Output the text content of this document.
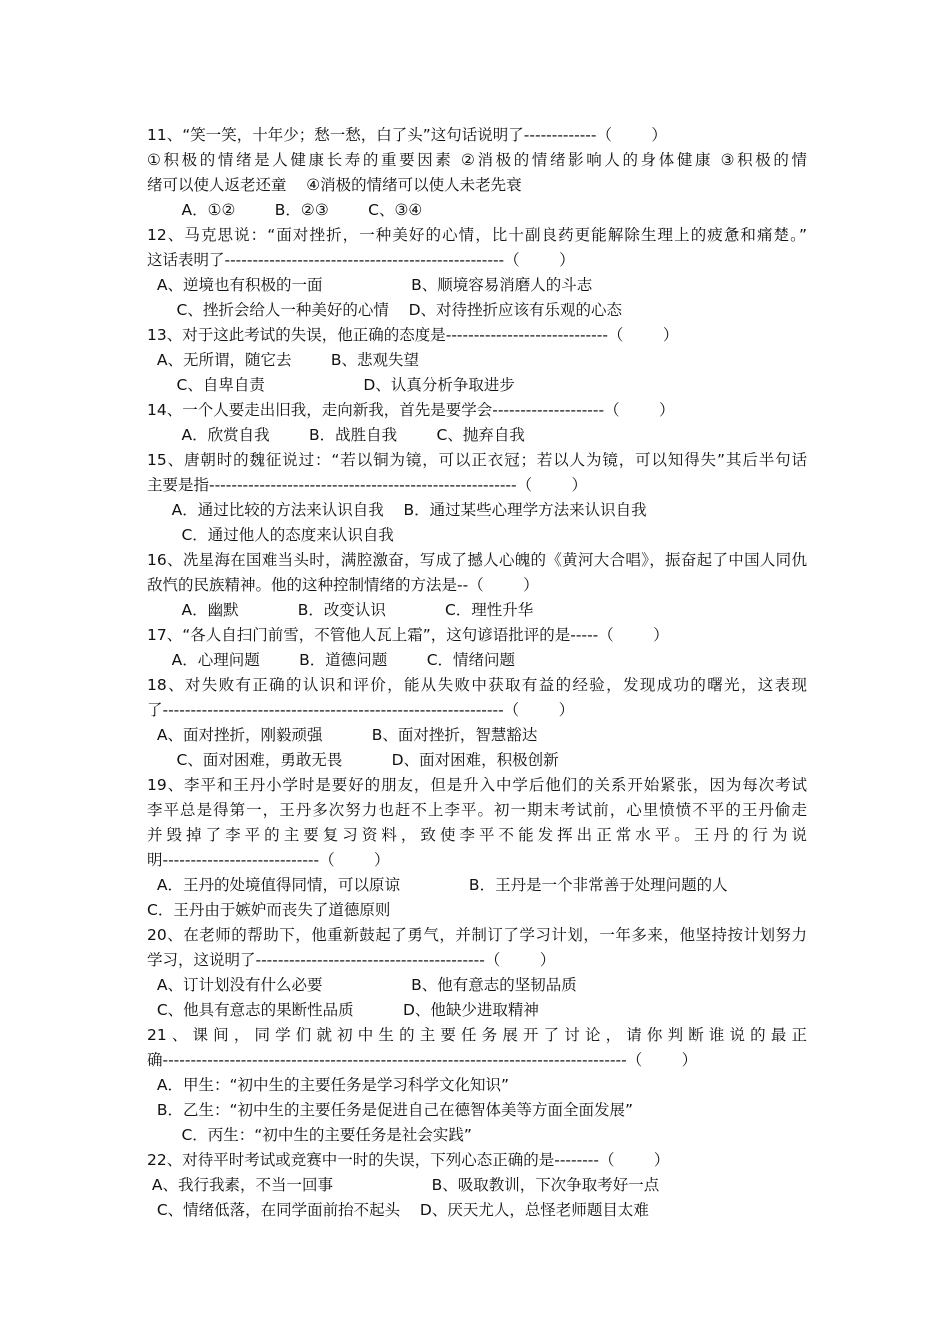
11、“笑一笑，十年少；愁一愁，白了头”这句话说明了-------------（        ）
①积极的情绪是人健康长寿的重要因素 ②消极的情绪影响人的身体健康 ③积极的情
绪可以使人返老还童    ④消极的情绪可以使人未老先衰
A．①②        B．②③        C、③④
12、马克思说：“面对挫折，一种美好的心情，比十副良药更能解除生理上的疲惫和痛楚。”
这话表明了--------------------------------------------------（        ）
A、逆境也有积极的一面                  B、顺境容易消磨人的斗志
C、挫折会给人一种美好的心情    D、对待挫折应该有乐观的心态
13、对于这此考试的失误，他正确的态度是-----------------------------（        ）
A、无所谓，随它去        B、悲观失望
C、自卑自责                    D、认真分析争取进步
14、一个人要走出旧我，走向新我，首先是要学会--------------------（        ）
A．欣赏自我        B．战胜自我        C、抛弃自我
15、唐朝时的魏征说过：“若以铜为镜，可以正衣冠；若以人为镜，可以知得失”其后半句话
主要是指-------------------------------------------------------（        ）
A．通过比较的方法来认识自我    B．通过某些心理学方法来认识自我
C．通过他人的态度来认识自我
16、冼星海在国难当头时，满腔激奋，写成了撼人心魄的《黄河大合唱》，振奋起了中国人同仇
敌忾的民族精神。他的这种控制情绪的方法是--（        ）
A．幽默            B．改变认识            C．理性升华
17、“各人自扫门前雪，不管他人瓦上霜”，这句谚语批评的是-----（        ）
A．心理问题        B．道德问题        C．情绪问题
18、对失败有正确的认识和评价，能从失败中获取有益的经验，发现成功的曙光，这表现
了-------------------------------------------------------------（        ）
A、面对挫折，刚毅顽强          B、面对挫折，智慧豁达
C、面对困难，勇敢无畏          D、面对困难，积极创新
19、李平和王丹小学时是要好的朋友，但是升入中学后他们的关系开始紧张，因为每次考试
李平总是得第一，王丹多次努力也赶不上李平。初一期末考试前，心里愤愤不平的王丹偷走
并毁掉了李平的主要复习资料，致使李平不能发挥出正常水平。王丹的行为说
明----------------------------（        ）
A．王丹的处境值得同情，可以原谅              B．王丹是一个非常善于处理问题的人
C．王丹由于嫉妒而丧失了道德原则
20、在老师的帮助下，他重新鼓起了勇气，并制订了学习计划，一年多来，他坚持按计划努力
学习，这说明了-----------------------------------------（        ）
A、订计划没有什么必要                  B、他有意志的坚韧品质
C、他具有意志的果断性品质          D、他缺少进取精神
21、课间，同学们就初中生的主要任务展开了讨论，请你判断谁说的最正
确-----------------------------------------------------------------------------------（        ）
A．甲生：“初中生的主要任务是学习科学文化知识”
B．乙生：“初中生的主要任务是促进自己在德智体美等方面全面发展”
C．丙生：“初中生的主要任务是社会实践”
22、对待平时考试或竞赛中一时的失误，下列心态正确的是--------（        ）
A、我行我素，不当一回事                    B、吸取教训，下次争取考好一点
C、情绪低落，在同学面前抬不起头    D、厌天尤人，总怪老师题目太难
